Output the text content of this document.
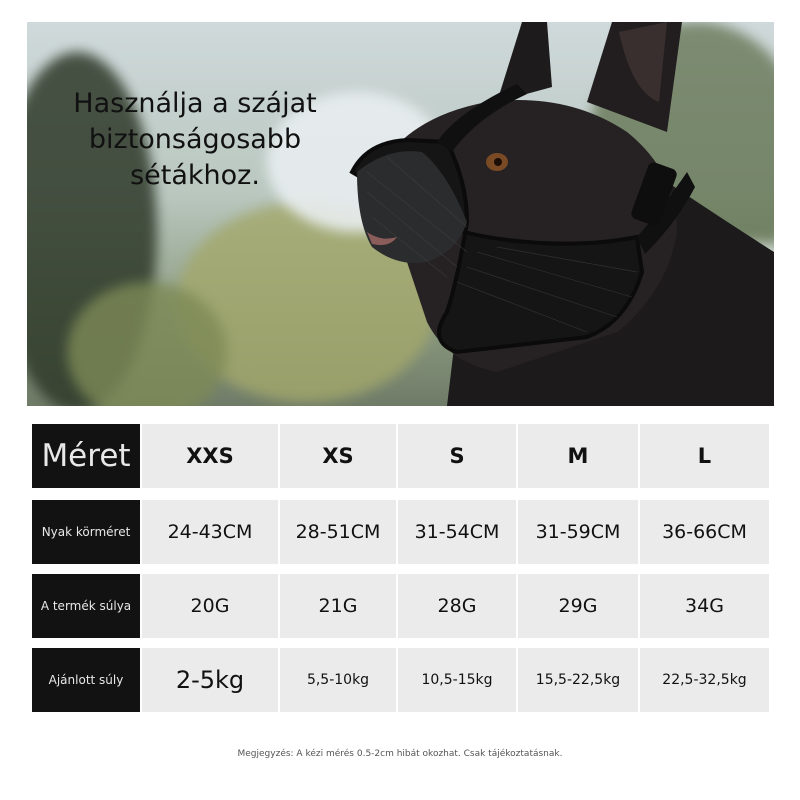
Használja a szájat
biztonságosabb
sétákhoz.
Méret	XXS	XS	S	M	L
Nyak körméret	24-43CM	28-51CM	31-54CM	31-59CM	36-66CM
A termék súlya	20G	21G	28G	29G	34G
Ajánlott súly	2-5kg	5,5-10kg	10,5-15kg	15,5-22,5kg	22,5-32,5kg
Megjegyzés: A kézi mérés 0.5-2cm hibát okozhat. Csak tájékoztatásnak.
